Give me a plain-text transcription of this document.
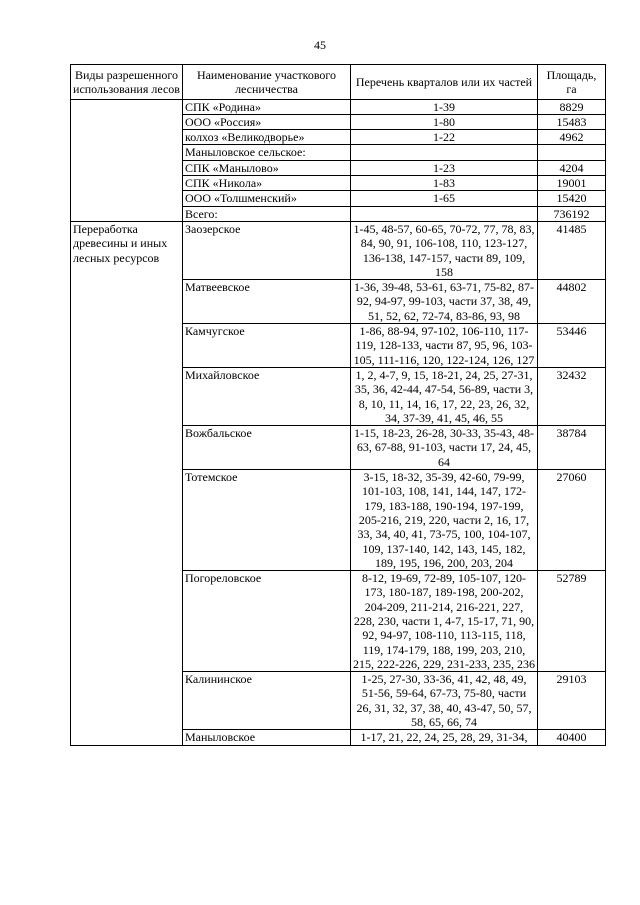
45
Виды разрешенного использования лесов	Наименование участкового лесничества	Перечень кварталов или их частей	Площадь, га
	СПК «Родина»	1-39	8829
	ООО «Россия»	1-80	15483
	колхоз «Великодворье»	1-22	4962
	Маныловское сельское:		
	СПК «Маныловo»	1-23	4204
	СПК «Никола»	1-83	19001
	ООО «Толшменский»	1-65	15420
	Всего:		736192
Переработка древесины и иных лесных ресурсов	Заозерское	1-45, 48-57, 60-65, 70-72, 77, 78, 83, 84, 90, 91, 106-108, 110, 123-127, 136-138, 147-157, части 89, 109, 158	41485
	Матвеевское	1-36, 39-48, 53-61, 63-71, 75-82, 87-92, 94-97, 99-103, части 37, 38, 49, 51, 52, 62, 72-74, 83-86, 93, 98	44802
	Камчугское	1-86, 88-94, 97-102, 106-110, 117-119, 128-133, части 87, 95, 96, 103-105, 111-116, 120, 122-124, 126, 127	53446
	Михайловское	1, 2, 4-7, 9, 15, 18-21, 24, 25, 27-31, 35, 36, 42-44, 47-54, 56-89, части 3, 8, 10, 11, 14, 16, 17, 22, 23, 26, 32, 34, 37-39, 41, 45, 46, 55	32432
	Вожбальское	1-15, 18-23, 26-28, 30-33, 35-43, 48-63, 67-88, 91-103, части 17, 24, 45, 64	38784
	Тотемское	3-15, 18-32, 35-39, 42-60, 79-99, 101-103, 108, 141, 144, 147, 172-179, 183-188, 190-194, 197-199, 205-216, 219, 220, части 2, 16, 17, 33, 34, 40, 41, 73-75, 100, 104-107, 109, 137-140, 142, 143, 145, 182, 189, 195, 196, 200, 203, 204	27060
	Погореловское	8-12, 19-69, 72-89, 105-107, 120-173, 180-187, 189-198, 200-202, 204-209, 211-214, 216-221, 227, 228, 230, части 1, 4-7, 15-17, 71, 90, 92, 94-97, 108-110, 113-115, 118, 119, 174-179, 188, 199, 203, 210, 215, 222-226, 229, 231-233, 235, 236	52789
	Калининское	1-25, 27-30, 33-36, 41, 42, 48, 49, 51-56, 59-64, 67-73, 75-80, части 26, 31, 32, 37, 38, 40, 43-47, 50, 57, 58, 65, 66, 74	29103
	Маныловское	1-17, 21, 22, 24, 25, 28, 29, 31-34,	40400
